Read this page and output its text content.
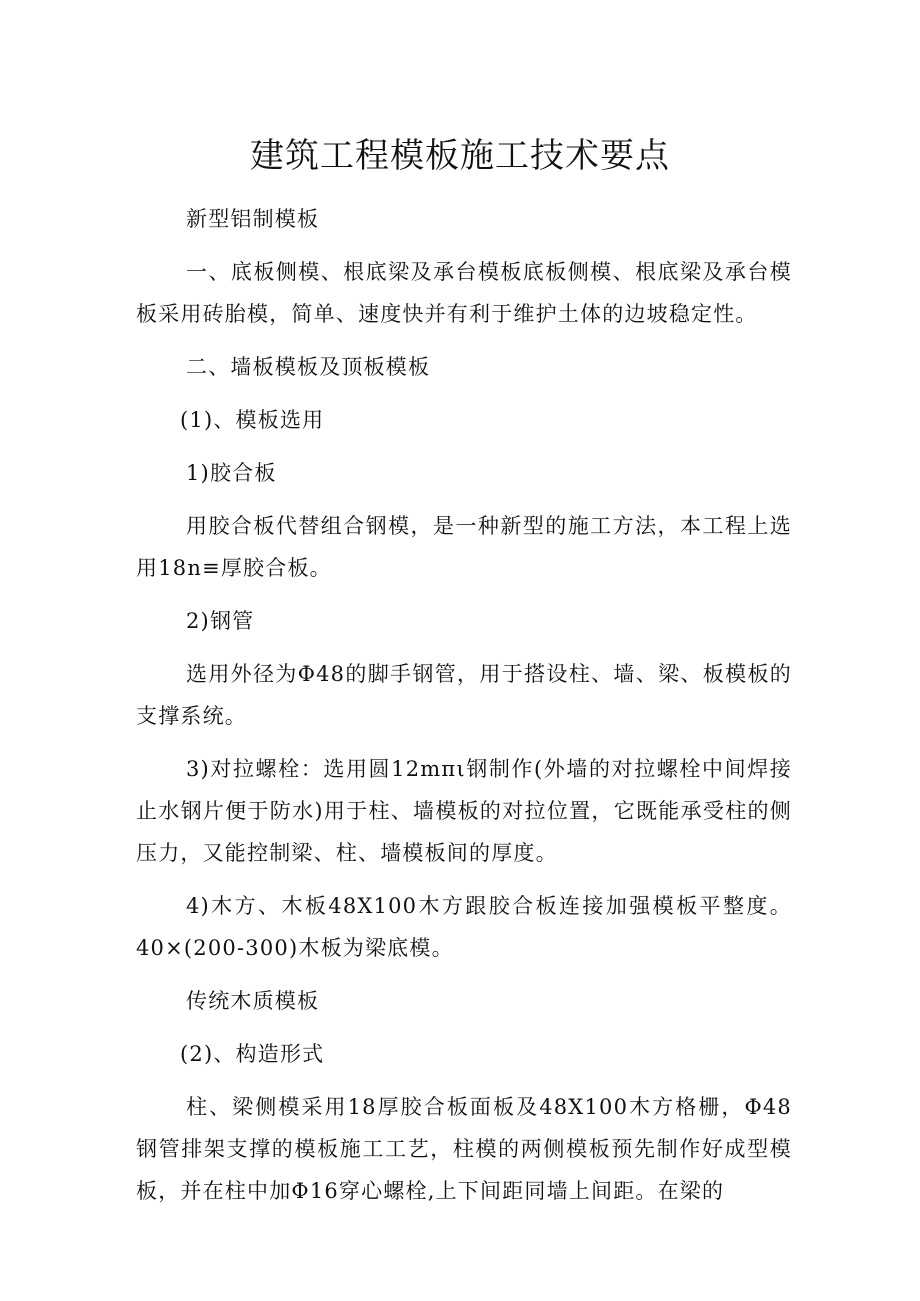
建筑工程模板施工技术要点

新型铝制模板

一、底板侧模、根底梁及承台模板底板侧模、根底梁及承台模板采用砖胎模，简单、速度快并有利于维护土体的边坡稳定性。

二、墙板模板及顶板模板

(1)、模板选用

1)胶合板

用胶合板代替组合钢模，是一种新型的施工方法，本工程上选用18n≡厚胶合板。

2)钢管

选用外径为Φ48的脚手钢管，用于搭设柱、墙、梁、板模板的支撑系统。

3)对拉螺栓：选用圆12mπι钢制作(外墙的对拉螺栓中间焊接止水钢片便于防水)用于柱、墙模板的对拉位置，它既能承受柱的侧压力，又能控制梁、柱、墙模板间的厚度。

4)木方、木板48X100木方跟胶合板连接加强模板平整度。40×(200-300)木板为梁底模。

传统木质模板

(2)、构造形式

柱、梁侧模采用18厚胶合板面板及48X100木方格栅，Φ48钢管排架支撑的模板施工工艺，柱模的两侧模板预先制作好成型模板，并在柱中加Φ16穿心螺栓,上下间距同墙上间距。在梁的
